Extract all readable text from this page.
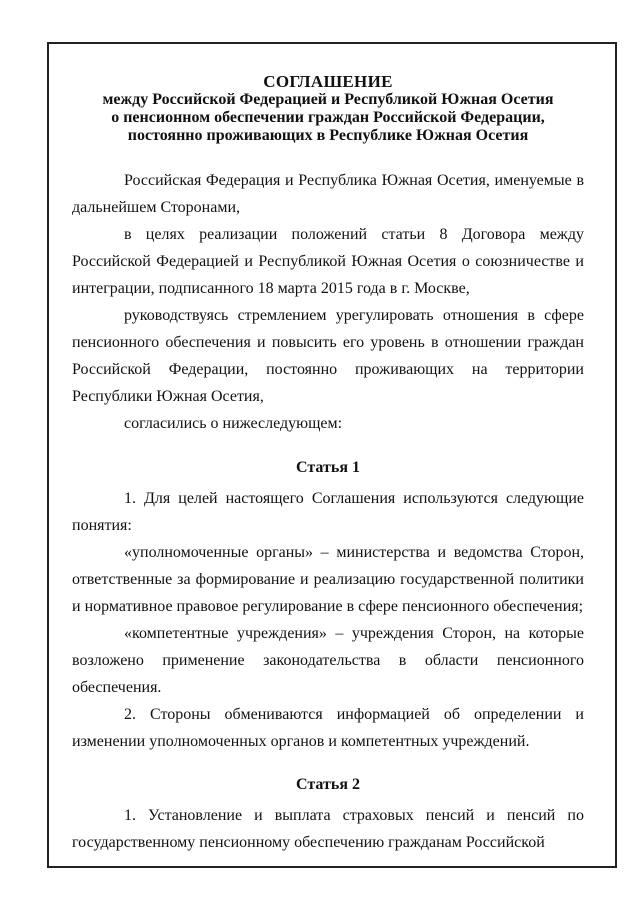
СОГЛАШЕНИЕ
между Российской Федерацией и Республикой Южная Осетия
о пенсионном обеспечении граждан Российской Федерации,
постоянно проживающих в Республике Южная Осетия

Российская Федерация и Республика Южная Осетия, именуемые в дальнейшем Сторонами,

в целях реализации положений статьи 8 Договора между Российской Федерацией и Республикой Южная Осетия о союзничестве и интеграции, подписанного 18 марта 2015 года в г. Москве,

руководствуясь стремлением урегулировать отношения в сфере пенсионного обеспечения и повысить его уровень в отношении граждан Российской Федерации, постоянно проживающих на территории Республики Южная Осетия,

согласились о нижеследующем:

Статья 1

1. Для целей настоящего Соглашения используются следующие понятия:

«уполномоченные органы» – министерства и ведомства Сторон, ответственные за формирование и реализацию государственной политики и нормативное правовое регулирование в сфере пенсионного обеспечения;

«компетентные учреждения» – учреждения Сторон, на которые возложено применение законодательства в области пенсионного обеспечения.

2. Стороны обмениваются информацией об определении и изменении уполномоченных органов и компетентных учреждений.

Статья 2

1. Установление и выплата страховых пенсий и пенсий по государственному пенсионному обеспечению гражданам Российской
